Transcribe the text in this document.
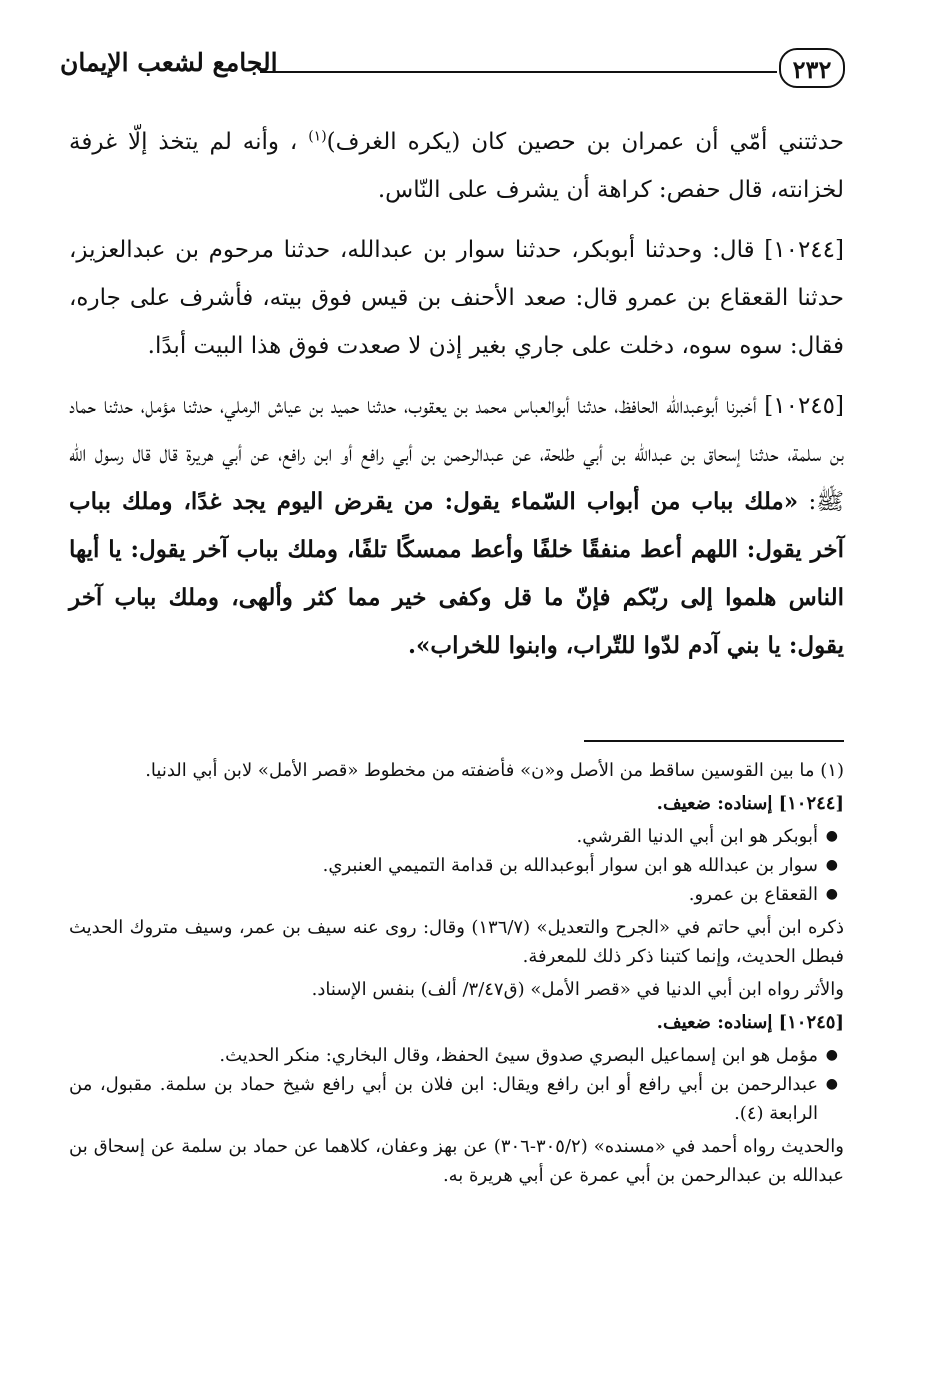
٢٣٢
الجامع لشعب الإيمان

حدثتني أمّي أن عمران بن حصين كان (يكره الغرف)$^{(١)}$ ، وأنه لم يتخذ إلّا غرفة لخزانته، قال حفص: كراهة أن يشرف على النّاس.

[١٠٢٤٤] قال: وحدثنا أبوبكر، حدثنا سوار بن عبدالله، حدثنا مرحوم بن عبدالعزيز، حدثنا القعقاع بن عمرو قال: صعد الأحنف بن قيس فوق بيته، فأشرف على جاره، فقال: سوه سوه، دخلت على جاري بغير إذن لا صعدت فوق هذا البيت أبدًا.

[١٠٢٤٥] أخبرنا أبوعبدالله الحافظ، حدثنا أبوالعباس محمد بن يعقوب، حدثنا حميد بن عياش الرملي، حدثنا مؤمل، حدثنا حماد بن سلمة، حدثنا إسحاق بن عبدالله بن أبي طلحة، عن عبدالرحمن بن أبي رافع أو ابن رافع، عن أبي هريرة قال قال رسول الله ﷺ: «ملك بباب من أبواب السّماء يقول: من يقرض اليوم يجد غدًا، وملك بباب آخر يقول: اللهم أعط منفقًا خلفًا وأعط ممسكًا تلفًا، وملك بباب آخر يقول: يا أيها الناس هلموا إلى ربّكم فإنّ ما قل وكفى خير مما كثر وألهى، وملك بباب آخر يقول: يا بني آدم لدّوا للتّراب، وابنوا للخراب».

(١) ما بين القوسين ساقط من الأصل و«ن» فأضفته من مخطوط «قصر الأمل» لابن أبي الدنيا.

[١٠٢٤٤] إسناده: ضعيف.

●
أبوبكر هو ابن أبي الدنيا القرشي.
●
سوار بن عبدالله هو ابن سوار أبوعبدالله بن قدامة التميمي العنبري.
●
القعقاع بن عمرو.

ذكره ابن أبي حاتم في «الجرح والتعديل» (١٣٦/٧) وقال: روى عنه سيف بن عمر، وسيف متروك الحديث فبطل الحديث، وإنما كتبنا ذكر ذلك للمعرفة.

والأثر رواه ابن أبي الدنيا في «قصر الأمل» (ق٣/٤٧/ ألف) بنفس الإسناد.

[١٠٢٤٥] إسناده: ضعيف.

●
مؤمل هو ابن إسماعيل البصري صدوق سيئ الحفظ، وقال البخاري: منكر الحديث.
●
عبدالرحمن بن أبي رافع أو ابن رافع ويقال: ابن فلان بن أبي رافع شيخ حماد بن سلمة. مقبول، من الرابعة (٤).

والحديث رواه أحمد في «مسنده» (٣٠٥/٢-٣٠٦) عن بهز وعفان، كلاهما عن حماد بن سلمة عن إسحاق بن عبدالله بن عبدالرحمن بن أبي عمرة عن أبي هريرة به.
